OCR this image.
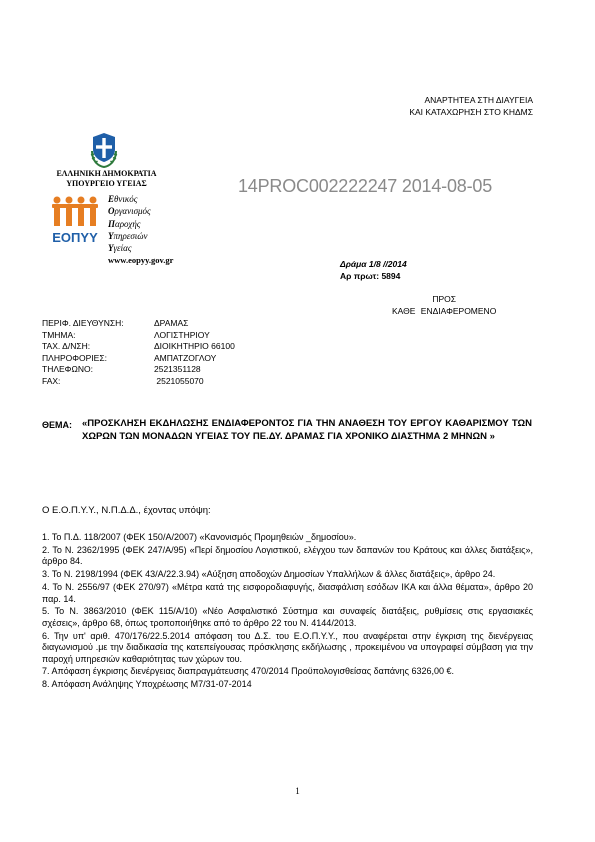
ΑΝΑΡΤΗΤΕΑ ΣΤΗ ΔΙΑΥΓΕΙΑ
ΚΑΙ ΚΑΤΑΧΩΡΗΣΗ ΣΤΟ ΚΗΔΜΣ
ΕΛΛΗΝΙΚΗ ΔΗΜΟΚΡΑΤΙΑ
ΥΠΟΥΡΓΕΙΟ ΥΓΕΙΑΣ
ΕΟΠΥΥ
Εθνικός
Οργανισμός
Παροχής
Υπηρεσιών
Υγείας
www.eopyy.gov.gr
14PROC002222247 2014-08-05
Δράμα 1/8 //2014
Αρ πρωτ: 5894
ΠΡΟΣ
ΚΑΘΕ ΕΝΔΙΑΦΕΡΟΜΕΝΟ
ΠΕΡΙΦ. ΔΙΕΥΘΥΝΣΗ:	ΔΡΑΜΑΣ
ΤΜΗΜΑ:	ΛΟΓΙΣΤΗΡΙΟΥ
ΤΑΧ. Δ/ΝΣΗ:	ΔΙΟΙΚΗΤΗΡΙΟ 66100
ΠΛΗΡΟΦΟΡΙΕΣ:	ΑΜΠΑΤΖΟΓΛΟΥ
ΤΗΛΕΦΩΝΟ:	2521351128
FAX:	2521055070
ΘΕΜΑ: «ΠΡΟΣΚΛΗΣΗ ΕΚΔΗΛΩΣΗΣ ΕΝΔΙΑΦΕΡΟΝΤΟΣ ΓΙΑ ΤΗΝ ΑΝΑΘΕΣΗ ΤΟΥ ΕΡΓΟΥ ΚΑΘΑΡΙΣΜΟΥ ΤΩΝ ΧΩΡΩΝ ΤΩΝ ΜΟΝΑΔΩΝ ΥΓΕΙΑΣ ΤΟΥ ΠΕ.ΔΥ. ΔΡΑΜΑΣ ΓΙΑ ΧΡΟΝΙΚΟ ΔΙΑΣΤΗΜΑ 2 ΜΗΝΩΝ »
Ο Ε.Ο.Π.Υ.Υ., Ν.Π.Δ.Δ., έχοντας υπόψη:

1. Το Π.Δ. 118/2007 (ΦΕΚ 150/Α/2007) «Κανονισμός Προμηθειών _δημοσίου».

2. Το Ν. 2362/1995 (ΦΕΚ 247/Α/95) «Περί δημοσίου Λογιστικού, ελέγχου των δαπανών του Κράτους και άλλες διατάξεις», άρθρο 84.

3. Το Ν. 2198/1994 (ΦΕΚ 43/Α/22.3.94) «Αύξηση αποδοχών Δημοσίων Υπαλλήλων & άλλες διατάξεις», άρθρο 24.

4. Το Ν. 2556/97 (ΦΕΚ 270/97) «Μέτρα κατά της εισφοροδιαφυγής, διασφάλιση εσόδων ΙΚΑ και άλλα θέματα», άρθρο 20 παρ. 14.

5. Το Ν. 3863/2010 (ΦΕΚ 115/Α/10) «Νέο Ασφαλιστικό Σύστημα και συναφείς διατάξεις, ρυθμίσεις στις εργασιακές σχέσεις», άρθρο 68, όπως τροποποιήθηκε από το άρθρο 22 του Ν. 4144/2013.

6. Την υπ' αριθ. 470/176/22.5.2014 απόφαση του Δ.Σ. του Ε.Ο.Π.Υ.Υ., που αναφέρεται στην έγκριση της διενέργειας διαγωνισμού .με την διαδικασία της κατεπείγουσας πρόσκλησης εκδήλωσης , προκειμένου να υπογραφεί σύμβαση για την παροχή υπηρεσιών καθαριότητας των χώρων του.

7. Απόφαση έγκρισης διενέργειας διαπραγμάτευσης 470/2014 Προϋπολογισθείσας δαπάνης 6326,00 €.

8. Απόφαση Ανάληψης Υποχρέωσης Μ7/31-07-2014

1
